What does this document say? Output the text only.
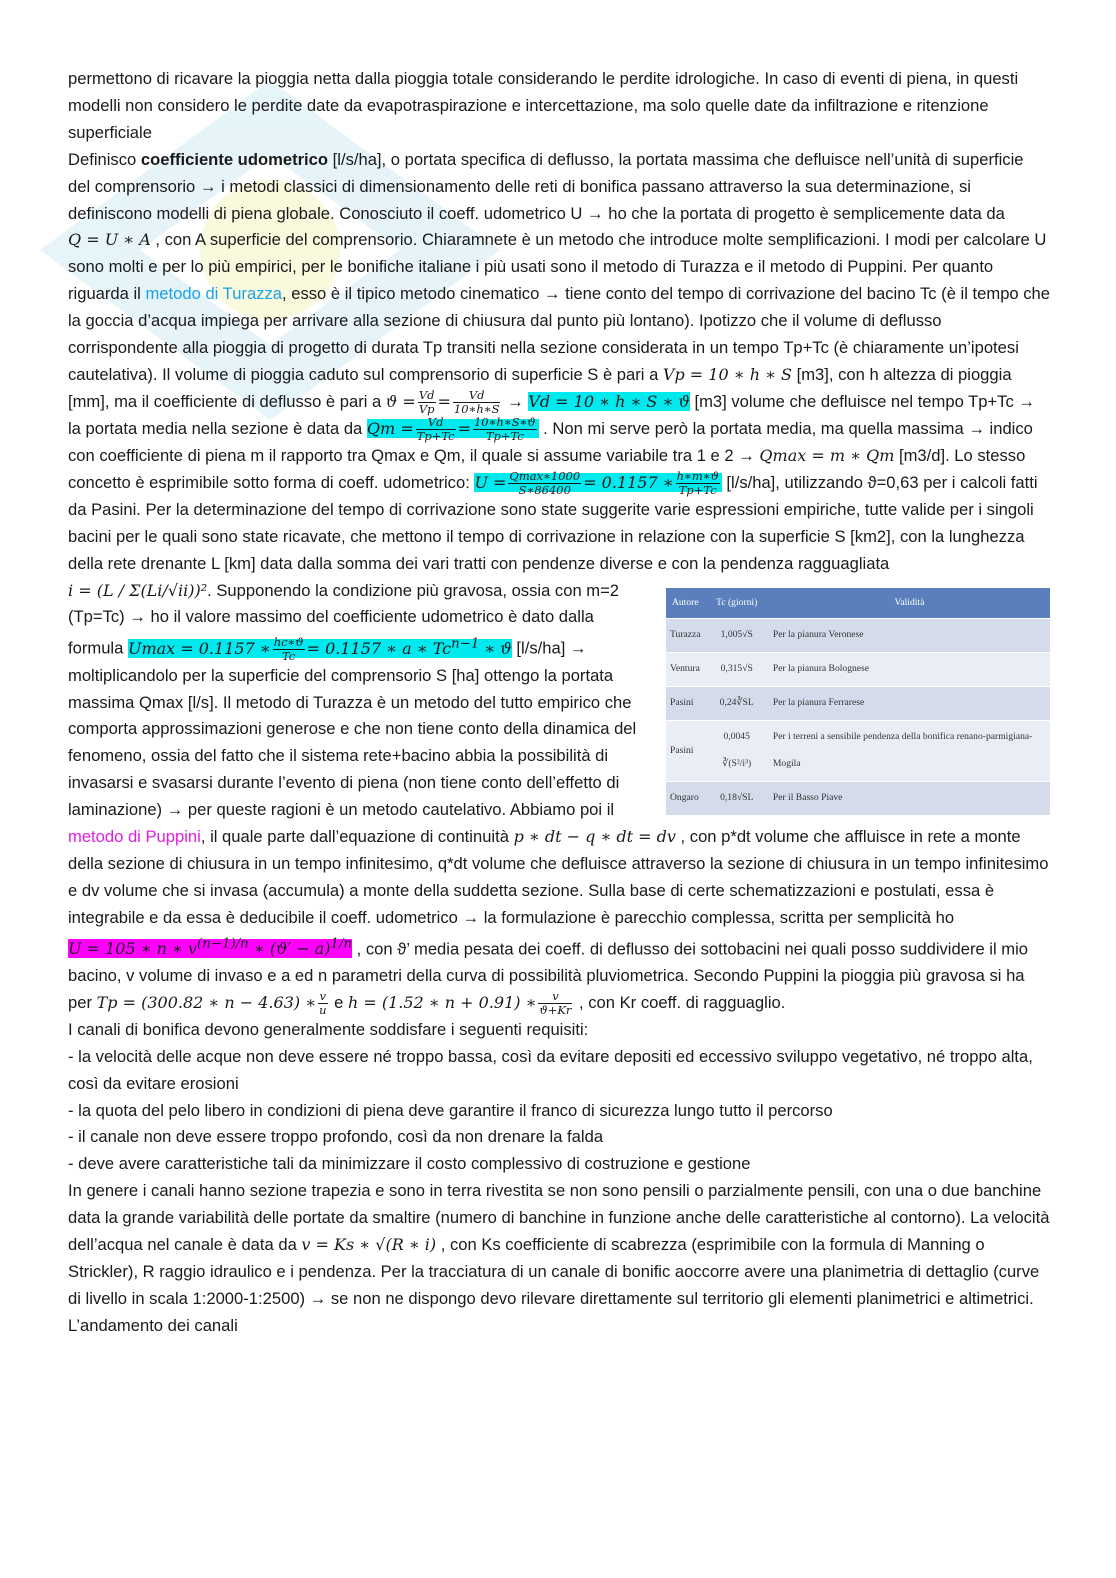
permettono di ricavare la pioggia netta dalla pioggia totale considerando le perdite idrologiche. In caso di eventi di piena, in questi modelli non considero le perdite date da evapotraspirazione e intercettazione, ma solo quelle date da infiltrazione e ritenzione superficiale

Definisco coefficiente udometrico [l/s/ha], o portata specifica di deflusso, la portata massima che defluisce nell’unità di superficie del comprensorio → i metodi classici di dimensionamento delle reti di bonifica passano attraverso la sua determinazione, si definiscono modelli di piena globale. Conosciuto il coeff. udometrico U → ho che la portata di progetto è semplicemente data da Q = U ∗ A , con A superficie del comprensorio. Chiaramnete è un metodo che introduce molte semplificazioni. I modi per calcolare U sono molti e per lo più empirici, per le bonifiche italiane i più usati sono il metodo di Turazza e il metodo di Puppini. Per quanto riguarda il metodo di Turazza, esso è il tipico metodo cinematico → tiene conto del tempo di corrivazione del bacino Tc (è il tempo che la goccia d’acqua impiega per arrivare alla sezione di chiusura dal punto più lontano). Ipotizzo che il volume di deflusso corrispondente alla pioggia di progetto di durata Tp transiti nella sezione considerata in un tempo Tp+Tc (è chiaramente un’ipotesi cautelativa). Il volume di pioggia caduto sul comprensorio di superficie S è pari a Vp = 10 ∗ h ∗ S [m3], con h altezza di pioggia [mm], ma il coefficiente di deflusso è pari a $ϑ = \frac{Vd}{Vp} = \frac{Vd}{10∗h∗S} \to Vd = 10$ ∗ h ∗ S ∗ ϑ [m3] volume che defluisce nel tempo Tp+Tc → la portata media nella sezione è data da $Qm = \frac{Vd}{Tp+Tc} = \frac{10∗h∗S∗ϑ}{Tp+Tc}$ . Non mi serve però la portata media, ma quella massima → indico con coefficiente di piena m il rapporto tra Qmax e Qm, il quale si assume variabile tra 1 e 2 → Qmax = m ∗ Qm [m3/d]. Lo stesso concetto è esprimibile sotto forma di coeff. udometrico: $U = \frac{Qmax∗1000}{S∗86400} = 0.1157$ ∗ $\frac{h∗m∗ϑ}{Tp+Tc} [l/s/ha]$, utilizzando ϑ=0,63 per i calcoli fatti da Pasini. Per la determinazione del tempo di corrivazione sono state suggerite varie espressioni empiriche, tutte valide per i singoli bacini per le quali sono state ricavate, che mettono il tempo di corrivazione in relazione con la superficie S [km2], con la lunghezza della rete drenante L [km] data dalla somma dei vari tratti con pendenze diverse e con la pendenza ragguagliata

Autore	Tc (giorni)	Validità
Turazza	1,005√S	Per la pianura Veronese
Ventura	0,315√S	Per la pianura Bolognese
Pasini	0,24∛SL	Per la pianura Ferrarese
Pasini	0,0045 ∛(S²/i³)	Per i terreni a sensibile pendenza della bonifica renano-parmigiana-Mogila
Ongaro	0,18√SL	Per il Basso Piave
i = (L / Σ(Li/√ii))². Supponendo la condizione più gravosa, ossia con m=2 (Tp=Tc) → ho il valore massimo del coefficiente udometrico è dato dalla formula Umax = 0.1157 ∗ $\frac{hc∗ϑ}{Tc} = 0.1157$ ∗ a ∗ $Tc^{n-1}$ ∗ ϑ [l/s/ha] → moltiplicandolo per la superficie del comprensorio S [ha] ottengo la portata massima Qmax [l/s]. Il metodo di Turazza è un metodo del tutto empirico che comporta approssimazioni generose e che non tiene conto della dinamica del fenomeno, ossia del fatto che il sistema rete+bacino abbia la possibilità di invasarsi e svasarsi durante l’evento di piena (non tiene conto dell’effetto di laminazione) → per queste ragioni è un metodo cautelativo. Abbiamo poi il metodo di Puppini, il quale parte dall’equazione di continuità p ∗ dt − q ∗ dt = dv , con p*dt volume che affluisce in rete a monte della sezione di chiusura in un tempo infinitesimo, q*dt volume che defluisce attraverso la sezione di chiusura in un tempo infinitesimo e dv volume che si invasa (accumula) a monte della suddetta sezione. Sulla base di certe schematizzazioni e postulati, essa è integrabile e da essa è deducibile il coeff. udometrico → la formulazione è parecchio complessa, scritta per semplicità ho U = 105 ∗ n ∗ $v^{(n-1)/n}$ ∗ $(ϑ' - a)^{1/n}$ , con ϑ’ media pesata dei coeff. di deflusso dei sottobacini nei quali posso suddividere il mio bacino, v volume di invaso e a ed n parametri della curva di possibilità pluviometrica. Secondo Puppini la pioggia più gravosa si ha per Tp = (300.82 ∗ n − 4.63) ∗ $\frac{v}{u}$ e h = (1.52 ∗ n + 0.91) ∗ $\frac{v}{ϑ+Kr}$ , con Kr coeff. di ragguaglio.

I canali di bonifica devono generalmente soddisfare i seguenti requisiti:

- la velocità delle acque non deve essere né troppo bassa, così da evitare depositi ed eccessivo sviluppo vegetativo, né troppo alta, così da evitare erosioni

- la quota del pelo libero in condizioni di piena deve garantire il franco di sicurezza lungo tutto il percorso

- il canale non deve essere troppo profondo, così da non drenare la falda

- deve avere caratteristiche tali da minimizzare il costo complessivo di costruzione e gestione

In genere i canali hanno sezione trapezia e sono in terra rivestita se non sono pensili o parzialmente pensili, con una o due banchine data la grande variabilità delle portate da smaltire (numero di banchine in funzione anche delle caratteristiche al contorno). La velocità dell’acqua nel canale è data da v = Ks ∗ √(R ∗ i) , con Ks coefficiente di scabrezza (esprimibile con la formula di Manning o Strickler), R raggio idraulico e i pendenza. Per la tracciatura di un canale di bonific aoccorre avere una planimetria di dettaglio (curve di livello in scala 1:2000-1:2500) → se non ne dispongo devo rilevare direttamente sul territorio gli elementi planimetrici e altimetrici. L’andamento dei canali
